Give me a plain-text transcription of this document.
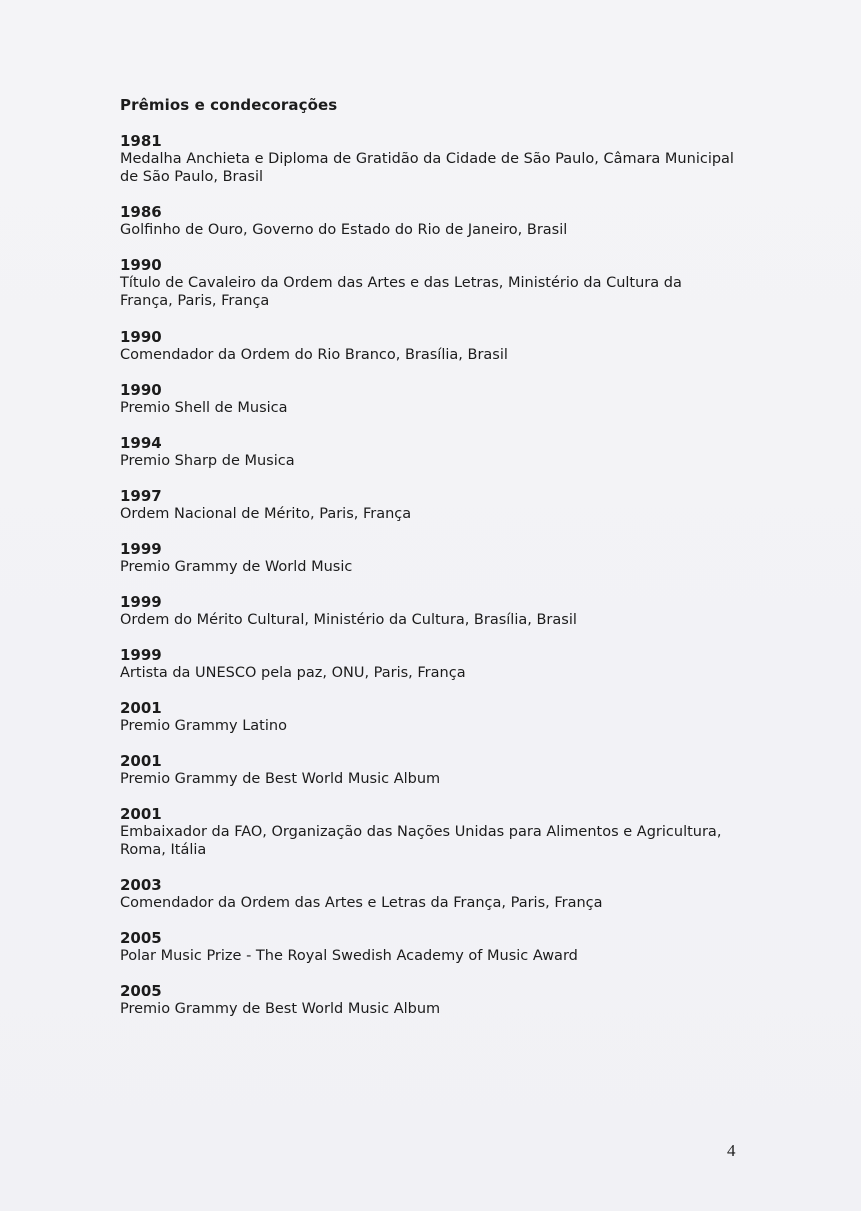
Prêmios e condecorações
1981
Medalha Anchieta e Diploma de Gratidão da Cidade de São Paulo, Câmara Municipal
de São Paulo, Brasil
1986
Golfinho de Ouro, Governo do Estado do Rio de Janeiro, Brasil
1990
Título de Cavaleiro da Ordem das Artes e das Letras, Ministério da Cultura da
França, Paris, França
1990
Comendador da Ordem do Rio Branco, Brasília, Brasil
1990
Premio Shell de Musica
1994
Premio Sharp de Musica
1997
Ordem Nacional de Mérito, Paris, França
1999
Premio Grammy de World Music
1999
Ordem do Mérito Cultural, Ministério da Cultura, Brasília, Brasil
1999
Artista da UNESCO pela paz, ONU, Paris, França
2001
Premio Grammy Latino
2001
Premio Grammy de Best World Music Album
2001
Embaixador da FAO, Organização das Nações Unidas para Alimentos e Agricultura,
Roma, Itália
2003
Comendador da Ordem das Artes e Letras da França, Paris, França
2005
Polar Music Prize - The Royal Swedish Academy of Music Award
2005
Premio Grammy de Best World Music Album
4
